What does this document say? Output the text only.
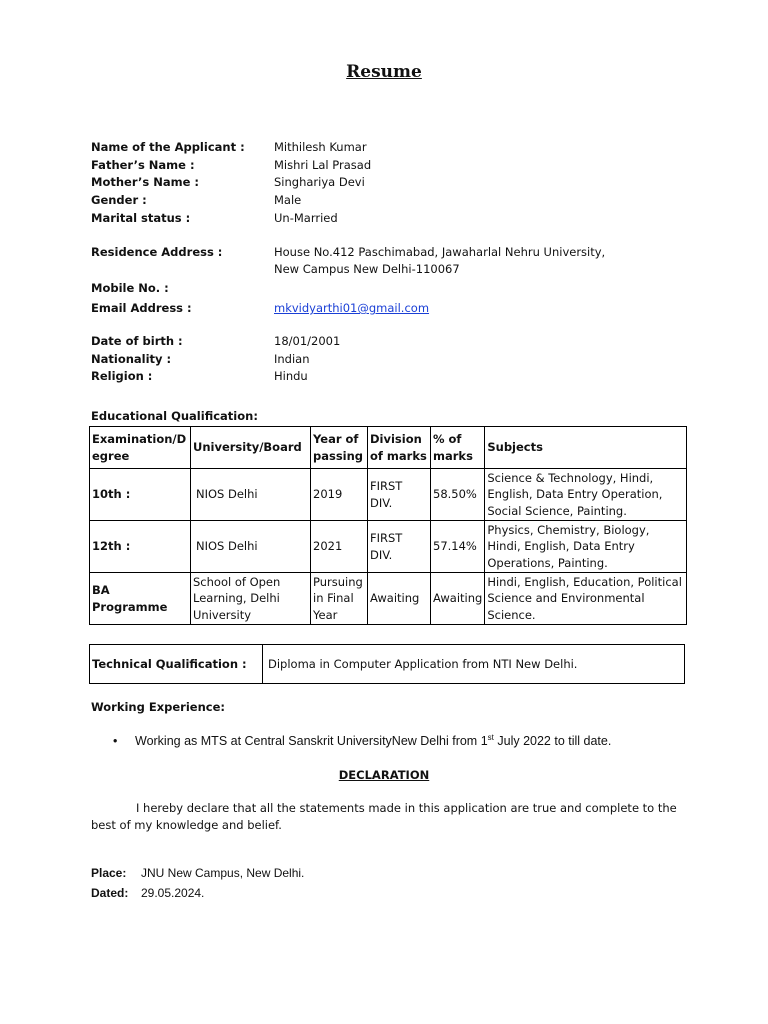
Resume
Name of the Applicant :	Mithilesh Kumar
Father’s Name :	Mishri Lal Prasad
Mother’s Name :	Singhariya Devi
Gender :	Male
Marital status :	Un-Married
Residence Address :	House No.412 Paschimabad, Jawaharlal Nehru University,
New Campus New Delhi-110067
Mobile No. :
Email Address :	mkvidyarthi01@gmail.com
Date of birth :	18/01/2001
Nationality :	Indian
Religion :	Hindu
Educational Qualification:
Examination/D egree	University/Board	Year of passing	Division of marks	% of marks	Subjects
10th :	NIOS Delhi	2019	FIRST DIV.	58.50%	Science & Technology, Hindi, English, Data Entry Operation, Social Science, Painting.
12th :	NIOS Delhi	2021	FIRST DIV.	57.14%	Physics, Chemistry, Biology, Hindi, English, Data Entry Operations, Painting.
BA Programme	School of Open Learning, Delhi University	Pursuing in Final Year	Awaiting	Awaiting	Hindi, English, Education, Political Science and Environmental Science.
Technical Qualification :	Diploma in Computer Application from NTI New Delhi.
Working Experience:
• Working as MTS at Central Sanskrit UniversityNew Delhi from 1st July 2022 to till date.
DECLARATION
I hereby declare that all the statements made in this application are true and complete to the best of my knowledge and belief.
Place: JNU New Campus, New Delhi.
Dated: 29.05.2024.
